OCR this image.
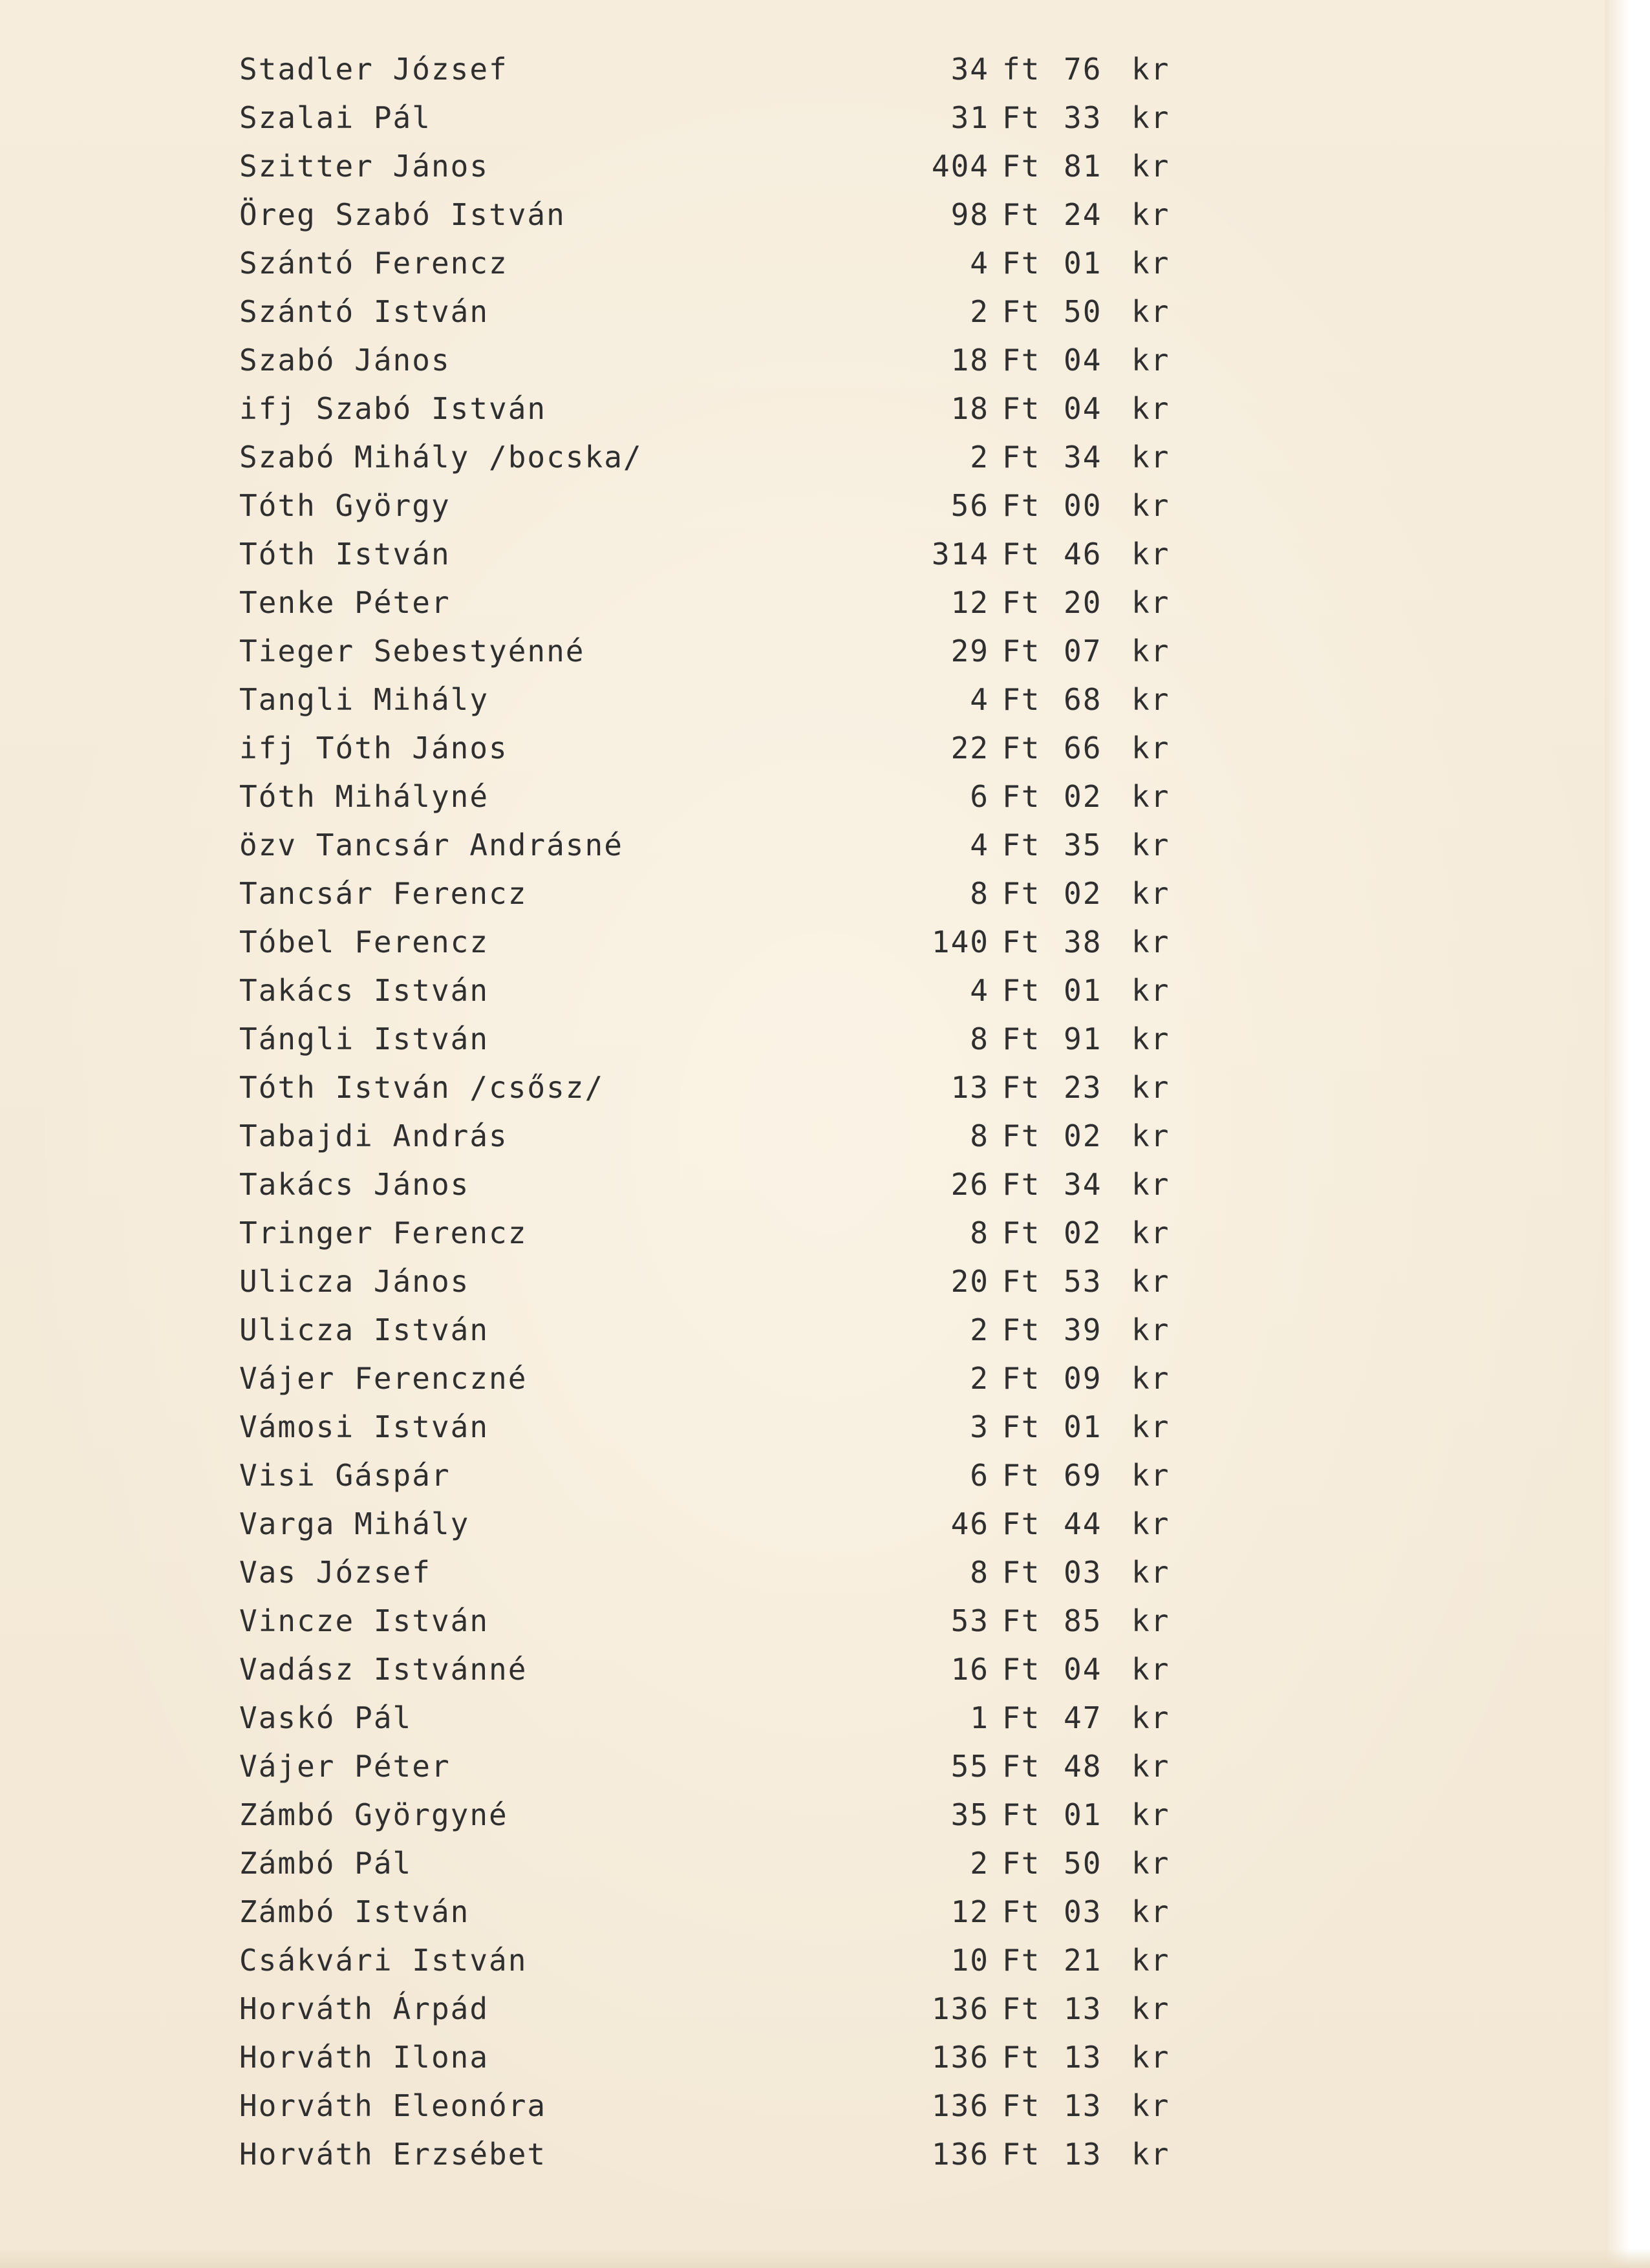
Stadler József	34 ft 76 kr
Szalai Pál	31 Ft 33 kr
Szitter János	404 Ft 81 kr
Öreg Szabó István	98 Ft 24 kr
Szántó Ferencz	4 Ft 01 kr
Szántó István	2 Ft 50 kr
Szabó János	18 Ft 04 kr
ifj Szabó István	18 Ft 04 kr
Szabó Mihály /bocska/	2 Ft 34 kr
Tóth György	56 Ft 00 kr
Tóth István	314 Ft 46 kr
Tenke Péter	12 Ft 20 kr
Tieger Sebestyénné	29 Ft 07 kr
Tangli Mihály	4 Ft 68 kr
ifj Tóth János	22 Ft 66 kr
Tóth Mihályné	6 Ft 02 kr
özv Tancsár Andrásné	4 Ft 35 kr
Tancsár Ferencz	8 Ft 02 kr
Tóbel Ferencz	140 Ft 38 kr
Takács István	4 Ft 01 kr
Tángli István	8 Ft 91 kr
Tóth István /csősz/	13 Ft 23 kr
Tabajdi András	8 Ft 02 kr
Takács János	26 Ft 34 kr
Tringer Ferencz	8 Ft 02 kr
Ulicza János	20 Ft 53 kr
Ulicza István	2 Ft 39 kr
Vájer Ferenczné	2 Ft 09 kr
Vámosi István	3 Ft 01 kr
Visi Gáspár	6 Ft 69 kr
Varga Mihály	46 Ft 44 kr
Vas József	8 Ft 03 kr
Vincze István	53 Ft 85 kr
Vadász Istvánné	16 Ft 04 kr
Vaskó Pál	1 Ft 47 kr
Vájer Péter	55 Ft 48 kr
Zámbó Györgyné	35 Ft 01 kr
Zámbó Pál	2 Ft 50 kr
Zámbó István	12 Ft 03 kr
Csákvári István	10 Ft 21 kr
Horváth Árpád	136 Ft 13 kr
Horváth Ilona	136 Ft 13 kr
Horváth Eleonóra	136 Ft 13 kr
Horváth Erzsébet	136 Ft 13 kr
